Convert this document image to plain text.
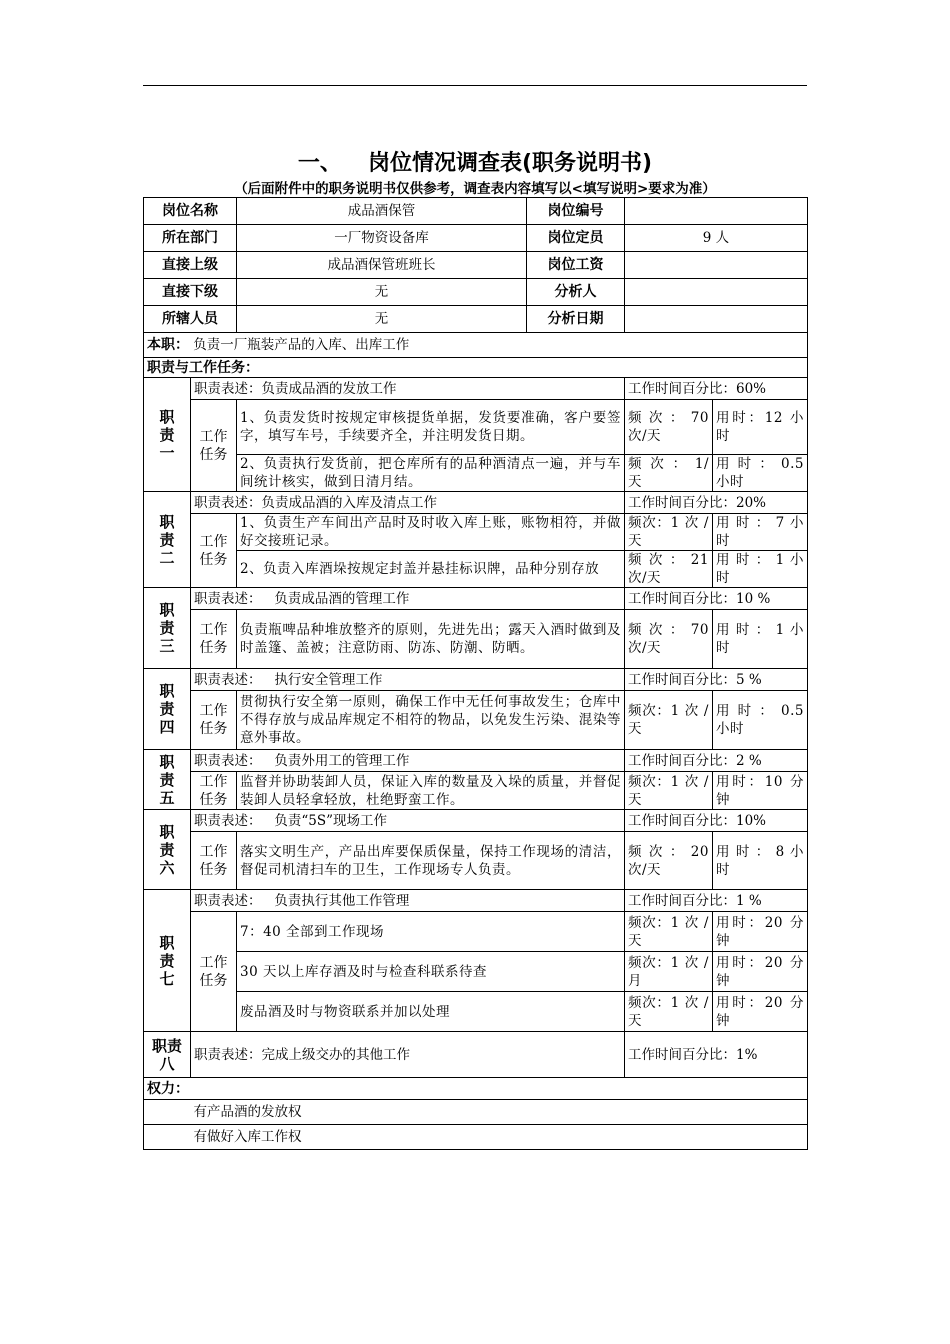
一、 岗位情况调查表(职务说明书)
（后面附件中的职务说明书仅供参考，调查表内容填写以<填写说明>要求为准）
岗位名称		成品酒保管	岗位编号		
所在部门		一厂物资设备库	岗位定员	9 人	
直接上级		成品酒保管班班长	岗位工资		
直接下级		无	分析人		
所辖人员		无	分析日期		
本职： 负责一厂瓶装产品的入库、出库工作					
职责与工作任务：					

职
责
一	职责表述：负责成品酒的发放工作			工作时间百分比：60%	

	工作任务	1、负责发货时按规定审核提货单据，发货要准确，客户要签字，填写车号，手续要齐全，并注明发货日期。		频 次 ： 70 次/天	用时：12 小时
		2、负责执行发货前，把仓库所有的品种酒清点一遍，并与车间统计核实，做到日清月结。		频 次 ： 1/ 天	用 时 ： 0.5 小时

职
责
二	职责表述：负责成品酒的入库及清点工作			工作时间百分比：20%	

	工作任务	1、负责生产车间出产品时及时收入库上账，账物相符，并做好交接班记录。		频次：1 次 /天	用 时 ： 7 小时
		2、负责入库酒垛按规定封盖并悬挂标识牌，品种分别存放		频 次 ： 21 次/天	用 时 ： 1 小时

职
责
三	职责表述：   负责成品酒的管理工作			工作时间百分比：10 %	

	工作任务	负责瓶啤品种堆放整齐的原则，先进先出；露天入酒时做到及时盖篷、盖被；注意防雨、防冻、防潮、防晒。		频 次 ： 70 次/天	用 时 ： 1 小时

职
责
四	职责表述：   执行安全管理工作			工作时间百分比：5 %	

	工作任务	贯彻执行安全第一原则，确保工作中无任何事故发生；仓库中不得存放与成品库规定不相符的物品，以免发生污染、混染等意外事故。		频次：1 次 /天	用 时 ： 0.5 小时

职
责
五	职责表述：   负责外用工的管理工作			工作时间百分比：2 %	

	工作任务	监督并协助装卸人员，保证入库的数量及入垛的质量，并督促装卸人员轻拿轻放，杜绝野蛮工作。		频次：1 次 /天	用时：10 分钟

职
责
六	职责表述：   负责“5S”现场工作			工作时间百分比：10%	

	工作任务	落实文明生产，产品出库要保质保量，保持工作现场的清洁，督促司机清扫车的卫生，工作现场专人负责。		频 次 ： 20 次/天	用 时 ： 8 小时

职
责
七	职责表述：   负责执行其他工作管理			工作时间百分比：1 %	

	工作任务	7：40 全部到工作现场		频次：1 次 /天	用时：20 分钟
		30 天以上库存酒及时与检查科联系待查		频次：1 次 /月	用时：20 分钟
		废品酒及时与物资联系并加以处理		频次：1 次 /天	用时：20 分钟

职责
八	职责表述：完成上级交办的其他工作			工作时间百分比：1%	
权力：					
	有产品酒的发放权				
	有做好入库工作权				
